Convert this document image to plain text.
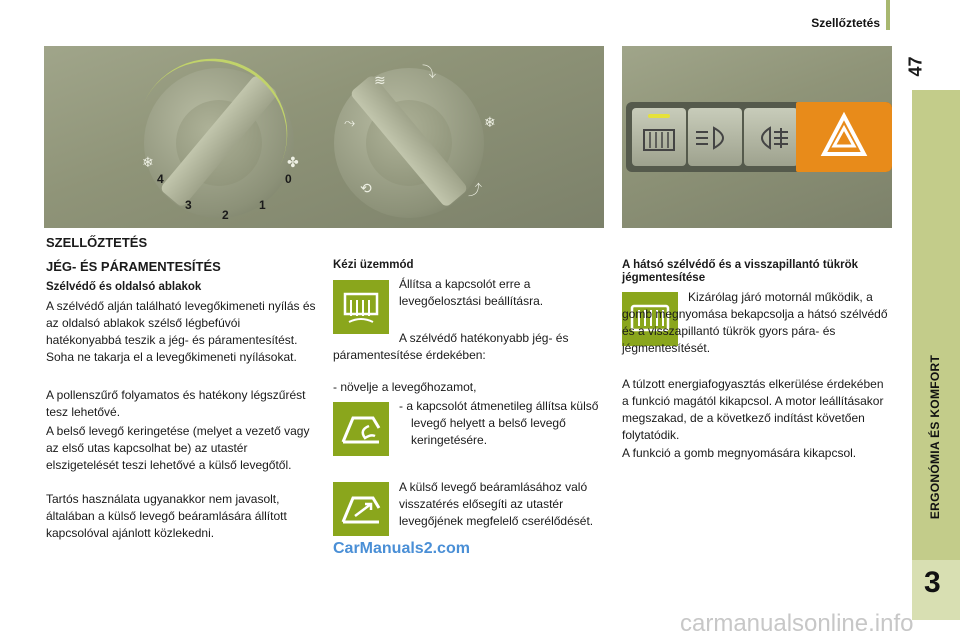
Szellőztetés
47
ERGONÓMIA ÉS KOMFORT
3
❄	✤
4
3
2
1
0
≋	⤵
⤳	❄
⟲	⤴
SZELLŐZTETÉS
JÉG- ÉS PÁRAMENTESÍTÉS
Szélvédő és oldalsó ablakok
A szélvédő alján található levegőkimeneti nyílás és az oldalsó ablakok szélső légbefúvói hatékonyabbá teszik a jég- és páramentesítést. Soha ne takarja el a levegőkimeneti nyílásokat.
A pollenszűrő folyamatos és hatékony légszűrést tesz lehetővé.
A belső levegő keringetése (melyet a vezető vagy az első utas kapcsolhat be) az utastér elszigetelését teszi lehetővé a külső levegőtől.
Tartós használata ugyanakkor nem javasolt, általában a külső levegő beáramlására állított kapcsolóval ajánlott közlekedni.
Kézi üzemmód
Állítsa a kapcsolót erre a levegőelosztási beállításra.
A szélvédő hatékonyabb jég- és páramentesítése érdekében:
- növelje a levegőhozamot,
- a kapcsolót átmenetileg állítsa külső levegő helyett a belső levegő keringetésére.
A külső levegő beáramlásához való visszatérés elősegíti az utastér levegőjének megfelelő cserélődését.
A hátsó szélvédő és a visszapillantó tükrök jégmentesítése
Kizárólag járó motornál működik, a gomb megnyomása bekapcsolja a hátsó szélvédő és a visszapillantó tükrök gyors pára- és jégmentesítését.
A túlzott energiafogyasztás elkerülése érdekében a funkció magától kikapcsol. A motor leállításakor megszakad, de a következő indítást követően folytatódik.
A funkció a gomb megnyomására kikapcsol.
CarManuals2.com
carmanualsonline.info
